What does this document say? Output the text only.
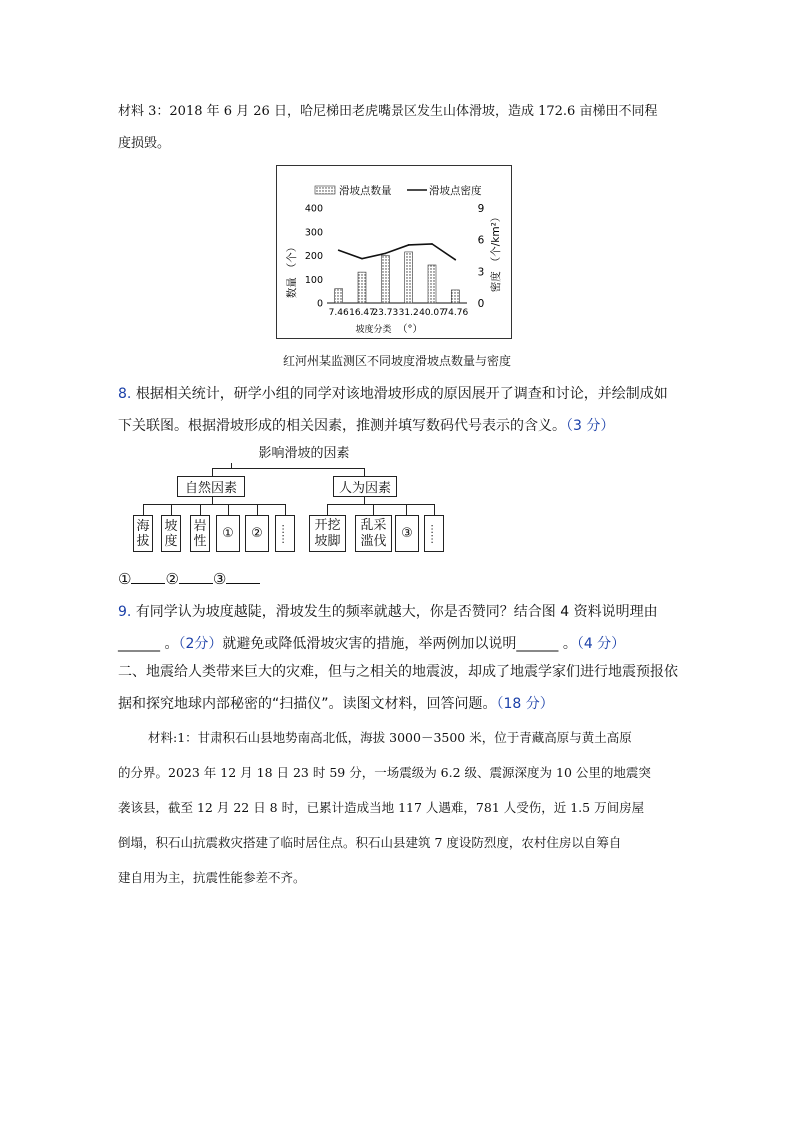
材料 3：2018 年 6 月 26 日，哈尼梯田老虎嘴景区发生山体滑坡，造成 172.6 亩梯田不同程
度损毁。

滑坡点数量	滑坡点密度
400
300
200
100
0
9
6
3
0
7.46 16.47
23.73 31.2 40.07
74.76
数量（个）
密度（个/km²）
坡度分类 （°）
红河州某监测区不同坡度滑坡点数量与密度

8. 根据相关统计，研学小组的同学对该地滑坡形成的原因展开了调查和讨论，并绘制成如
下关联图。根据滑坡形成的相关因素，推测并填写数码代号表示的含义。（3 分）

影响滑坡的因素
自然因素	人为因素
海拔
坡度
岩性	①	②	……	开挖坡脚
乱采滥伐	③	……
① ② ③

9. 有同学认为坡度越陡，滑坡发生的频率就越大，你是否赞同？结合图 4 资料说明理由
______ 。（2分）就避免或降低滑坡灾害的措施，举两例加以说明______ 。（4 分）

二、地震给人类带来巨大的灾难，但与之相关的地震波，却成了地震学家们进行地震预报依
据和探究地球内部秘密的“扫描仪”。读图文材料，回答问题。（18 分）

材料:1：甘肃积石山县地势南高北低，海拔 3000－3500 米，位于青藏高原与黄土高原
的分界。2023 年 12 月 18 日 23 时 59 分，一场震级为 6.2 级、震源深度为 10 公里的地震突
袭该县，截至 12 月 22 日 8 时，已累计造成当地 117 人遇难，781 人受伤，近 1.5 万间房屋
倒塌，积石山抗震救灾搭建了临时居住点。积石山县建筑 7 度设防烈度，农村住房以自筹自
建自用为主，抗震性能参差不齐。
